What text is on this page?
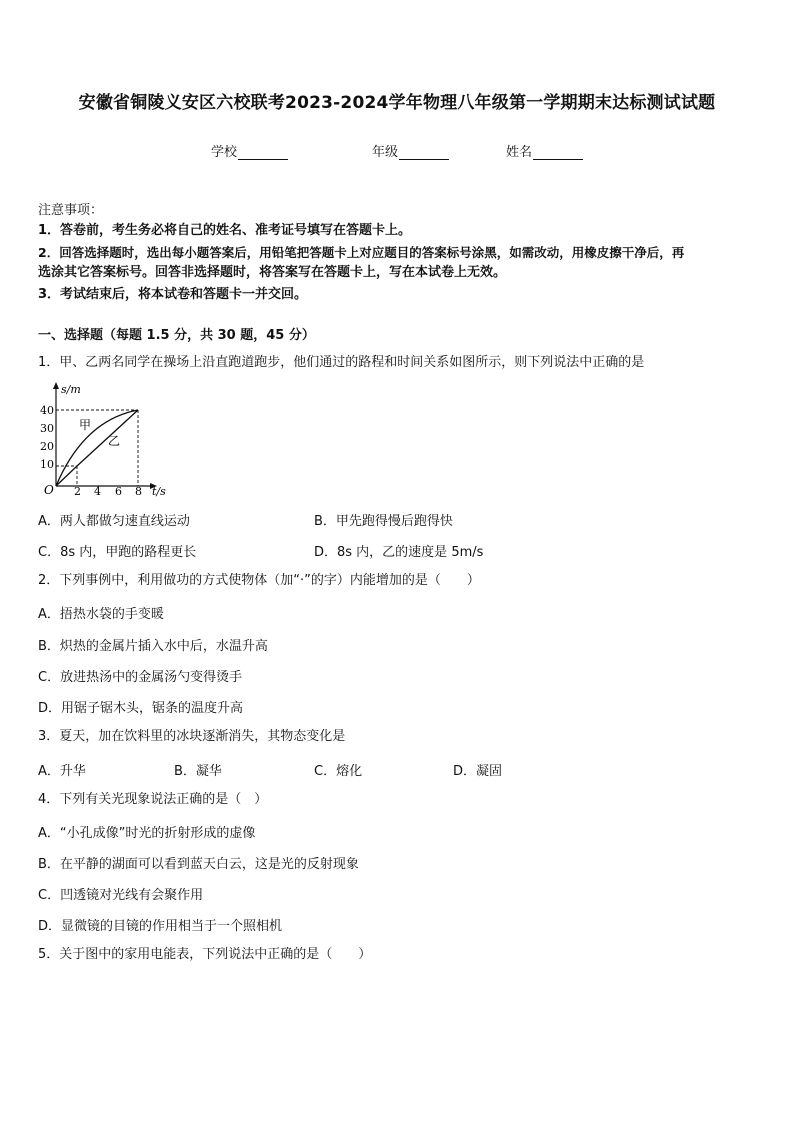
安徽省铜陵义安区六校联考2023-2024学年物理八年级第一学期期末达标测试试题
学校	年级	姓名
注意事项：
1．答卷前，考生务必将自己的姓名、准考证号填写在答题卡上。
2．回答选择题时，选出每小题答案后，用铅笔把答题卡上对应题目的答案标号涂黑，如需改动，用橡皮擦干净后，再
选涂其它答案标号。回答非选择题时，将答案写在答题卡上，写在本试卷上无效。
3．考试结束后，将本试卷和答题卡一并交回。
一、选择题（每题 1.5 分，共 30 题，45 分）
1．甲、乙两名同学在操场上沿直跑道跑步，他们通过的路程和时间关系如图所示，则下列说法中正确的是
s/m
t/s
O
10
20
30
40
2 4 6 8
甲
乙
A．两人都做匀速直线运动	B．甲先跑得慢后跑得快
C．8s 内，甲跑的路程更长	D．8s 内，乙的速度是 5m/s
2．下列事例中，利用做功的方式使物体（加“·”的字）内能增加的是（　　）
A．捂热水袋的手变暖
B．炽热的金属片插入水中后，水温升高
C．放进热汤中的金属汤勺变得烫手
D．用锯子锯木头，锯条的温度升高
3．夏天，加在饮料里的冰块逐渐消失，其物态变化是
A．升华	B．凝华	C．熔化	D．凝固
4．下列有关光现象说法正确的是（　）
A．“小孔成像”时光的折射形成的虚像
B．在平静的湖面可以看到蓝天白云，这是光的反射现象
C．凹透镜对光线有会聚作用
D．显微镜的目镜的作用相当于一个照相机
5．关于图中的家用电能表，下列说法中正确的是（　　）
